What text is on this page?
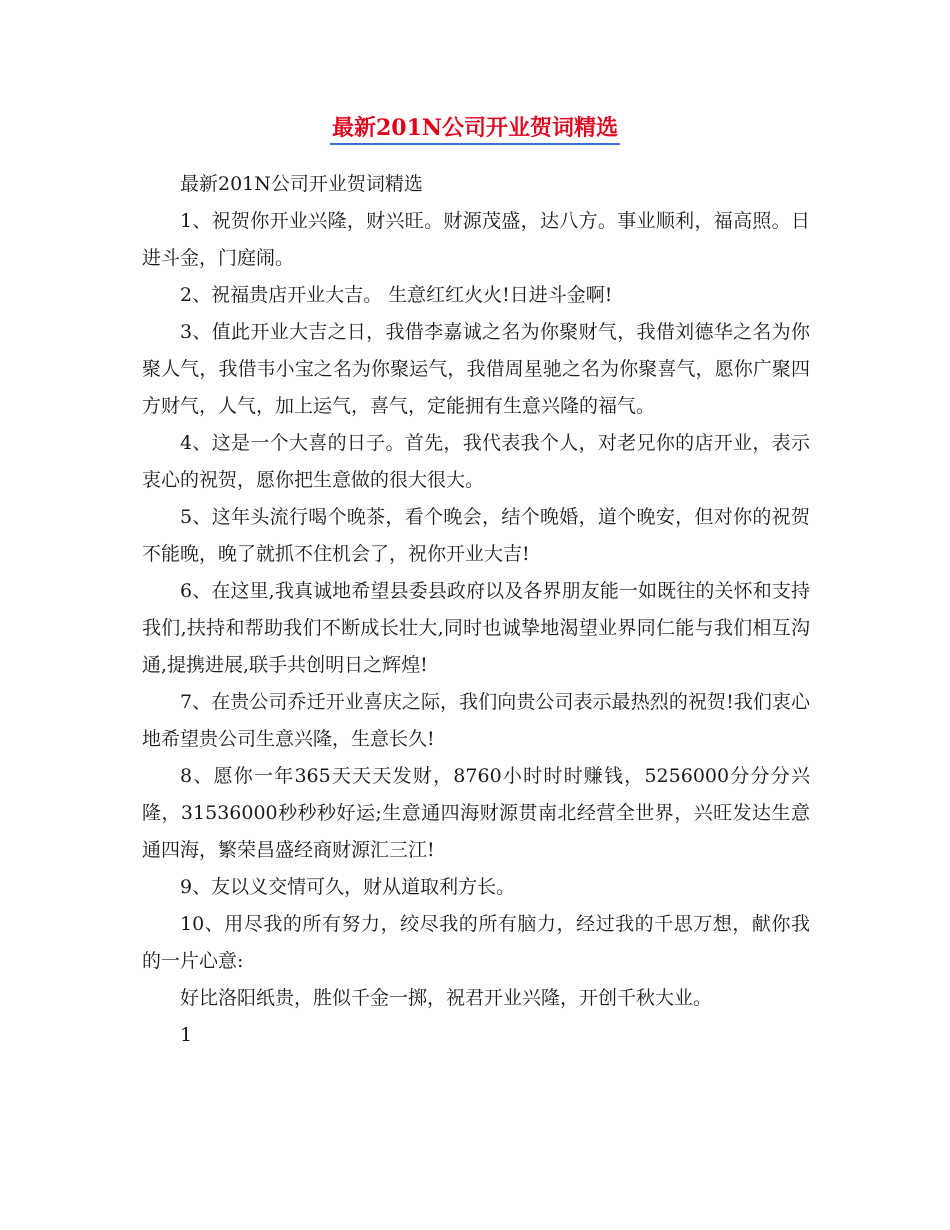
最新201N公司开业贺词精选

最新201N公司开业贺词精选

1、祝贺你开业兴隆，财兴旺。财源茂盛，达八方。事业顺利，福高照。日进斗金，门庭闹。

2、祝福贵店开业大吉。 生意红红火火!日进斗金啊!

3、值此开业大吉之日，我借李嘉诚之名为你聚财气，我借刘德华之名为你聚人气，我借韦小宝之名为你聚运气，我借周星驰之名为你聚喜气，愿你广聚四方财气，人气，加上运气，喜气，定能拥有生意兴隆的福气。

4、这是一个大喜的日子。首先，我代表我个人，对老兄你的店开业，表示衷心的祝贺，愿你把生意做的很大很大。

5、这年头流行喝个晚茶，看个晚会，结个晚婚，道个晚安，但对你的祝贺不能晚，晚了就抓不住机会了，祝你开业大吉!

6、在这里,我真诚地希望县委县政府以及各界朋友能一如既往的关怀和支持我们,扶持和帮助我们不断成长壮大,同时也诚挚地渴望业界同仁能与我们相互沟通,提携进展,联手共创明日之辉煌!

7、在贵公司乔迁开业喜庆之际，我们向贵公司表示最热烈的祝贺!我们衷心地希望贵公司生意兴隆，生意长久!

8、愿你一年365天天天发财，8760小时时时赚钱，5256000分分分兴隆，31536000秒秒秒好运;生意通四海财源贯南北经营全世界，兴旺发达生意通四海，繁荣昌盛经商财源汇三江!

9、友以义交情可久，财从道取利方长。

10、用尽我的所有努力，绞尽我的所有脑力，经过我的千思万想，献你我的一片心意:

好比洛阳纸贵，胜似千金一掷，祝君开业兴隆，开创千秋大业。

1
